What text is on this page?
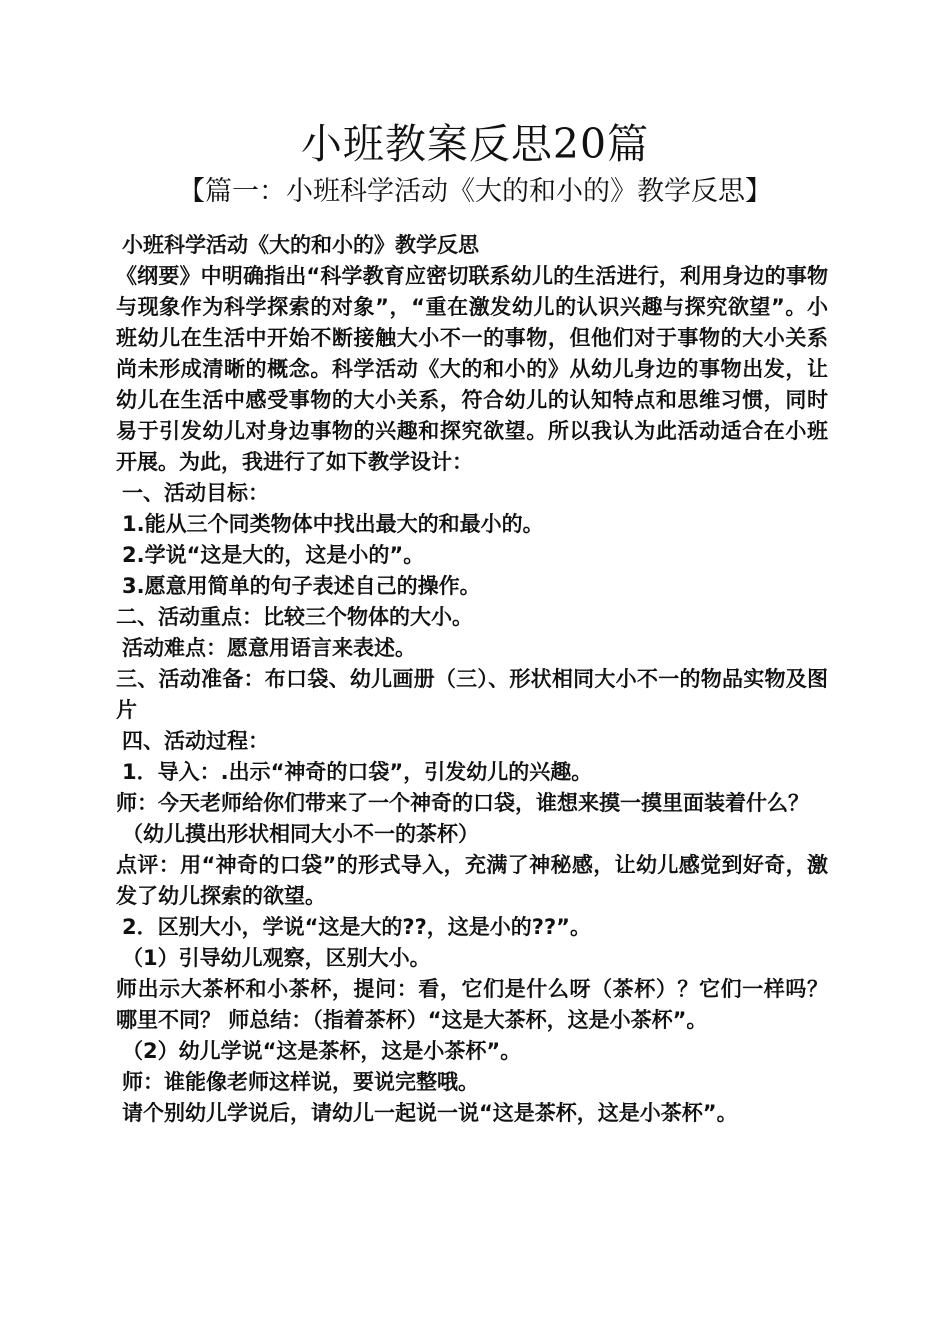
小班教案反思20篇
【篇一：小班科学活动《大的和小的》教学反思】

小班科学活动《大的和小的》教学反思

《纲要》中明确指出“科学教育应密切联系幼儿的生活进行，利用身边的事物与现象作为科学探索的对象”，“重在激发幼儿的认识兴趣与探究欲望”。小班幼儿在生活中开始不断接触大小不一的事物，但他们对于事物的大小关系尚未形成清晰的概念。科学活动《大的和小的》从幼儿身边的事物出发，让幼儿在生活中感受事物的大小关系，符合幼儿的认知特点和思维习惯，同时易于引发幼儿对身边事物的兴趣和探究欲望。所以我认为此活动适合在小班开展。为此，我进行了如下教学设计：

一、活动目标：

1.能从三个同类物体中找出最大的和最小的。

2.学说“这是大的，这是小的”。

3.愿意用简单的句子表述自己的操作。

二、活动重点：比较三个物体的大小。

活动难点：愿意用语言来表述。

三、活动准备：布口袋、幼儿画册（三）、形状相同大小不一的物品实物及图片

四、活动过程：

1．导入：.出示“神奇的口袋”，引发幼儿的兴趣。

师：今天老师给你们带来了一个神奇的口袋，谁想来摸一摸里面装着什么？

（幼儿摸出形状相同大小不一的茶杯）

点评：用“神奇的口袋”的形式导入，充满了神秘感，让幼儿感觉到好奇，激发了幼儿探索的欲望。

2．区别大小，学说“这是大的??，这是小的??”。

（1）引导幼儿观察，区别大小。

师出示大茶杯和小茶杯，提问：看，它们是什么呀（茶杯）？它们一样吗？哪里不同？ 师总结：（指着茶杯）“这是大茶杯，这是小茶杯”。

（2）幼儿学说“这是茶杯，这是小茶杯”。

师：谁能像老师这样说，要说完整哦。

请个别幼儿学说后，请幼儿一起说一说“这是茶杯，这是小茶杯”。
